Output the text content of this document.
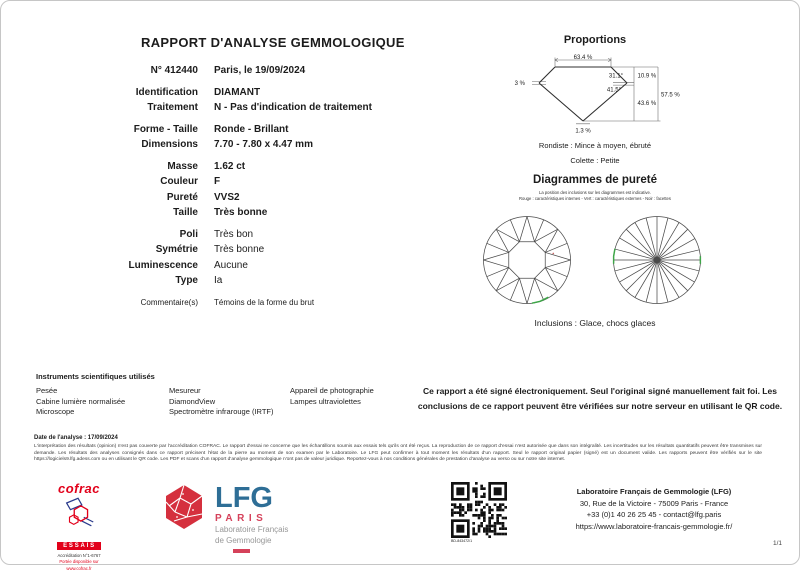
RAPPORT D'ANALYSE GEMMOLOGIQUE
N° 412440	Paris, le 19/09/2024
Identification	DIAMANT
Traitement	N - Pas d'indication de traitement
Forme - Taille	Ronde - Brillant
Dimensions	7.70 - 7.80 x 4.47 mm
Masse	1.62 ct
Couleur	F
Pureté	VVS2
Taille	Très bonne
Poli	Très bon
Symétrie	Très bonne
Luminescence	Aucune
Type	Ia
Commentaire(s)	Témoins de la forme du brut
Proportions
63.4 %
3 %
31.1°
41.5°
10.9 %
43.6 %
57.5 %
1.3 %
Rondiste : Mince à moyen, ébruté
Colette : Petite
Diagrammes de pureté
La position des inclusions sur les diagrammes est indicative.
Rouge : caractéristiques internes - Vert : caractéristiques externes - Noir : facettes
Inclusions : Glace, chocs glaces
Instruments scientifiques utilisés
Pesée
Cabine lumière normalisée
Microscope
Mesureur
DiamondView
Spectromètre infrarouge (IRTF)
Appareil de photographie
Lampes ultraviolettes
Ce rapport a été signé électroniquement. Seul l'original signé manuellement fait foi. Les
conclusions de ce rapport peuvent être vérifiées sur notre serveur en utilisant le QR code.
Date de l'analyse : 17/09/2024
L'interprétation des résultats (opinion) n'est pas couverte par l'accréditation COFRAC. Le rapport d'essai ne concerne que les échantillons soumis aux essais tels qu'ils ont été reçus. La reproduction de ce rapport d'essai n'est autorisée que dans son intégralité. Les incertitudes sur les résultats quantitatifs peuvent être transmises sur demande. Les résultats des analyses consignés dans ce rapport précisent l'état de la pierre au moment de son examen par le Laboratoire. Le LFG peut confirmer à tout moment les résultats d'un rapport. Seul le rapport original papier (signé) est un document valide. Les rapports peuvent être vérifiés sur le site https://logiciels9.lfg.adess.com ou en utilisant le QR code. Les PDF et scans d'un rapport d'analyse gemmologique n'ont pas de valeur juridique. Reportez-vous à nos conditions générales de prestation d'analyse au verso ou sur notre site internet.
cofrac
ESSAIS
Accréditation N°1-6767
Portée disponible sur
www.cofrac.fr
LFG
PARIS
Laboratoire Français
de Gemmologie	BD-843472/1
Laboratoire Français de Gemmologie (LFG)
30, Rue de la Victoire - 75009 Paris - France
+33 (0)1 40 26 25 45 - contact@lfg.paris
https://www.laboratoire-francais-gemmologie.fr/
1/1
